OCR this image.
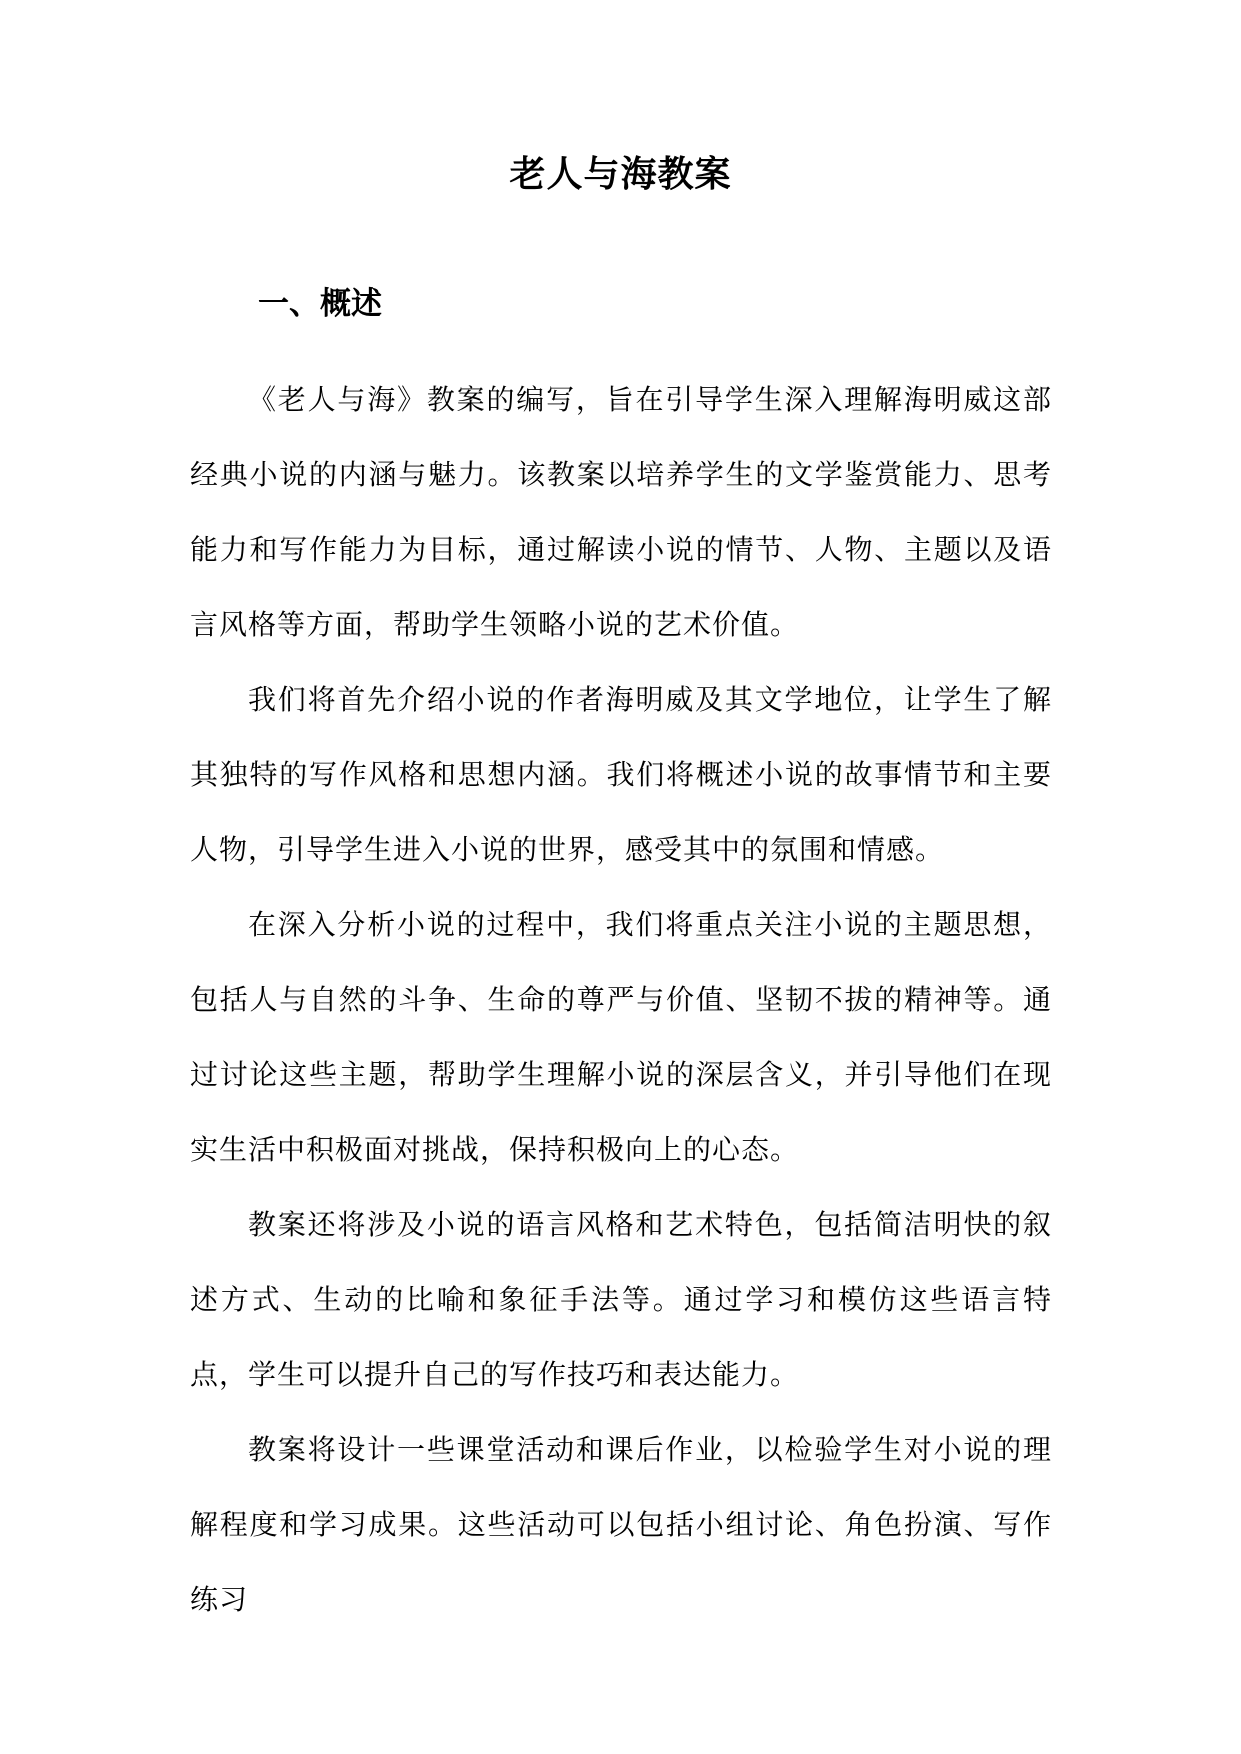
老人与海教案
一、概述

《老人与海》教案的编写，旨在引导学生深入理解海明威这部经典小说的内涵与魅力。该教案以培养学生的文学鉴赏能力、思考能力和写作能力为目标，通过解读小说的情节、人物、主题以及语言风格等方面，帮助学生领略小说的艺术价值。

我们将首先介绍小说的作者海明威及其文学地位，让学生了解其独特的写作风格和思想内涵。我们将概述小说的故事情节和主要人物，引导学生进入小说的世界，感受其中的氛围和情感。

在深入分析小说的过程中，我们将重点关注小说的主题思想，包括人与自然的斗争、生命的尊严与价值、坚韧不拔的精神等。通过讨论这些主题，帮助学生理解小说的深层含义，并引导他们在现实生活中积极面对挑战，保持积极向上的心态。

教案还将涉及小说的语言风格和艺术特色，包括简洁明快的叙述方式、生动的比喻和象征手法等。通过学习和模仿这些语言特点，学生可以提升自己的写作技巧和表达能力。

教案将设计一些课堂活动和课后作业，以检验学生对小说的理解程度和学习成果。这些活动可以包括小组讨论、角色扮演、写作练习
